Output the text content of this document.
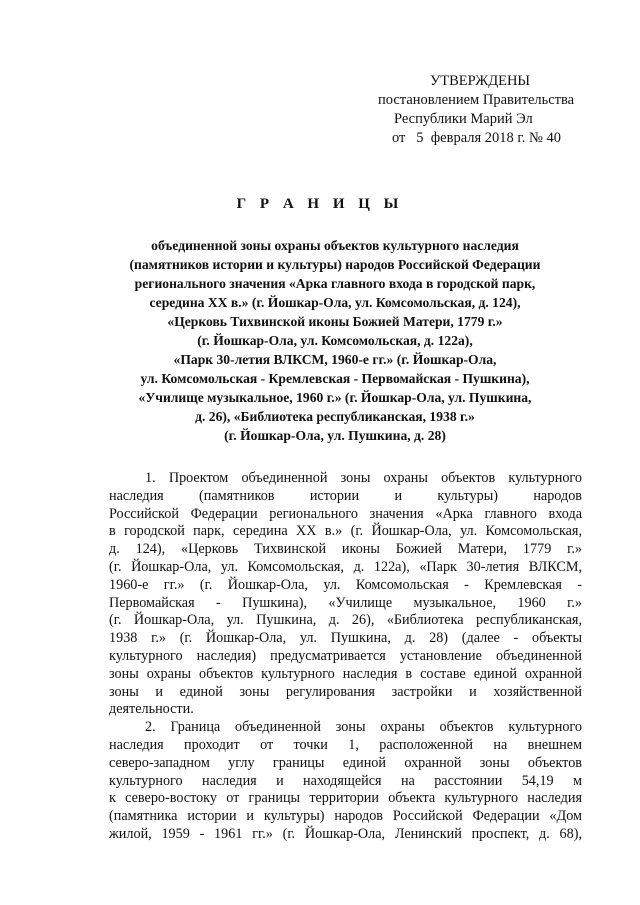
УТВЕРЖДЕНЫ
постановлением Правительства
Республики Марий Эл
от   5  февраля 2018 г. № 40
Г Р А Н И Ц Ы
объединенной зоны охраны объектов культурного наследия
(памятников истории и культуры) народов Российской Федерации
регионального значения «Арка главного входа в городской парк,
середина XX в.» (г. Йошкар-Ола, ул. Комсомольская, д. 124),
«Церковь Тихвинской иконы Божией Матери, 1779 г.»
(г. Йошкар-Ола, ул. Комсомольская, д. 122а),
«Парк 30-летия ВЛКСМ, 1960-е гг.» (г. Йошкар-Ола,
ул. Комсомольская - Кремлевская - Первомайская - Пушкина),
«Училище музыкальное, 1960 г.» (г. Йошкар-Ола, ул. Пушкина,
д. 26), «Библиотека республиканская, 1938 г.»
(г. Йошкар-Ола, ул. Пушкина, д. 28)

1. Проектом объединенной зоны охраны объектов культурного
наследия (памятников истории и культуры) народов
Российской Федерации регионального значения «Арка главного входа
в городской парк, середина XX в.» (г. Йошкар-Ола, ул. Комсомольская,
д. 124), «Церковь Тихвинской иконы Божией Матери, 1779 г.»
(г. Йошкар-Ола, ул. Комсомольская, д. 122а), «Парк 30-летия ВЛКСМ,
1960-е гг.» (г. Йошкар-Ола, ул. Комсомольская - Кремлевская -
Первомайская - Пушкина), «Училище музыкальное, 1960 г.»
(г. Йошкар-Ола, ул. Пушкина, д. 26), «Библиотека республиканская,
1938 г.» (г. Йошкар-Ола, ул. Пушкина, д. 28) (далее - объекты
культурного наследия) предусматривается установление объединенной
зоны охраны объектов культурного наследия в составе единой охранной
зоны и единой зоны регулирования застройки и хозяйственной
деятельности.

2. Граница объединенной зоны охраны объектов культурного
наследия проходит от точки 1, расположенной на внешнем
северо-западном углу границы единой охранной зоны объектов
культурного наследия и находящейся на расстоянии 54,19 м
к северо-востоку от границы территории объекта культурного наследия
(памятника истории и культуры) народов Российской Федерации «Дом
жилой, 1959 - 1961 гг.» (г. Йошкар-Ола, Ленинский проспект, д. 68),
